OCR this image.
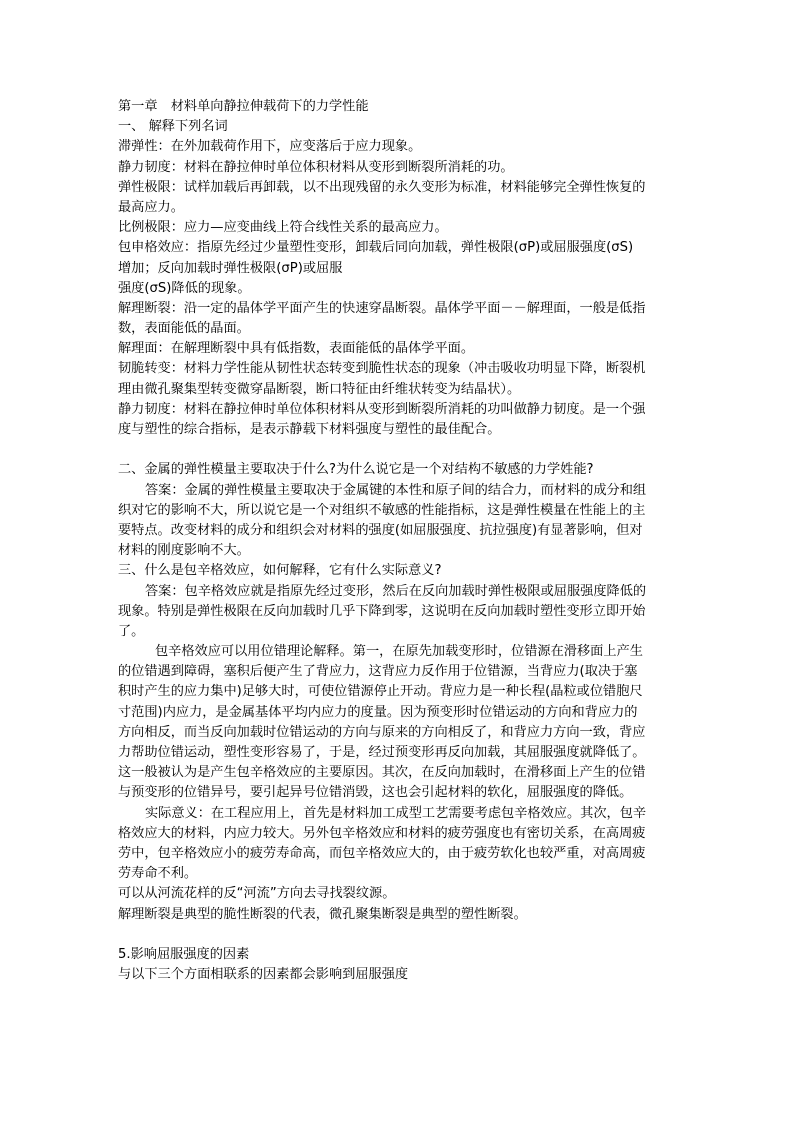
第一章　材料单向静拉伸载荷下的力学性能
一、 解释下列名词
滞弹性：在外加载荷作用下，应变落后于应力现象。
静力韧度：材料在静拉伸时单位体积材料从变形到断裂所消耗的功。
弹性极限：试样加载后再卸载，以不出现残留的永久变形为标准，材料能够完全弹性恢复的
最高应力。
比例极限：应力—应变曲线上符合线性关系的最高应力。
包申格效应：指原先经过少量塑性变形，卸载后同向加载，弹性极限(σP)或屈服强度(σS)
增加；反向加载时弹性极限(σP)或屈服
强度(σS)降低的现象。
解理断裂：沿一定的晶体学平面产生的快速穿晶断裂。晶体学平面－－解理面，一般是低指
数，表面能低的晶面。
解理面：在解理断裂中具有低指数，表面能低的晶体学平面。
韧脆转变：材料力学性能从韧性状态转变到脆性状态的现象（冲击吸收功明显下降，断裂机
理由微孔聚集型转变微穿晶断裂，断口特征由纤维状转变为结晶状）。
静力韧度：材料在静拉伸时单位体积材料从变形到断裂所消耗的功叫做静力韧度。是一个强
度与塑性的综合指标，是表示静载下材料强度与塑性的最佳配合。
二、金属的弹性模量主要取决于什么?为什么说它是一个对结构不敏感的力学姓能?
答案：金属的弹性模量主要取决于金属键的本性和原子间的结合力，而材料的成分和组
织对它的影响不大，所以说它是一个对组织不敏感的性能指标，这是弹性模量在性能上的主
要特点。改变材料的成分和组织会对材料的强度(如屈服强度、抗拉强度)有显著影响，但对
材料的刚度影响不大。
三、什么是包辛格效应，如何解释，它有什么实际意义?
答案：包辛格效应就是指原先经过变形，然后在反向加载时弹性极限或屈服强度降低的
现象。特别是弹性极限在反向加载时几乎下降到零，这说明在反向加载时塑性变形立即开始
了。
包辛格效应可以用位错理论解释。第一，在原先加载变形时，位错源在滑移面上产生
的位错遇到障碍，塞积后便产生了背应力，这背应力反作用于位错源，当背应力(取决于塞
积时产生的应力集中)足够大时，可使位错源停止开动。背应力是一种长程(晶粒或位错胞尺
寸范围)内应力，是金属基体平均内应力的度量。因为预变形时位错运动的方向和背应力的
方向相反，而当反向加载时位错运动的方向与原来的方向相反了，和背应力方向一致，背应
力帮助位错运动，塑性变形容易了，于是，经过预变形再反向加载，其屈服强度就降低了。
这一般被认为是产生包辛格效应的主要原因。其次，在反向加载时，在滑移面上产生的位错
与预变形的位错异号，要引起异号位错消毁，这也会引起材料的软化，屈服强度的降低。
实际意义：在工程应用上，首先是材料加工成型工艺需要考虑包辛格效应。其次，包辛
格效应大的材料，内应力较大。另外包辛格效应和材料的疲劳强度也有密切关系，在高周疲
劳中，包辛格效应小的疲劳寿命高，而包辛格效应大的，由于疲劳软化也较严重，对高周疲
劳寿命不利。
可以从河流花样的反“河流”方向去寻找裂纹源。
解理断裂是典型的脆性断裂的代表，微孔聚集断裂是典型的塑性断裂。
5.影响屈服强度的因素
与以下三个方面相联系的因素都会影响到屈服强度
